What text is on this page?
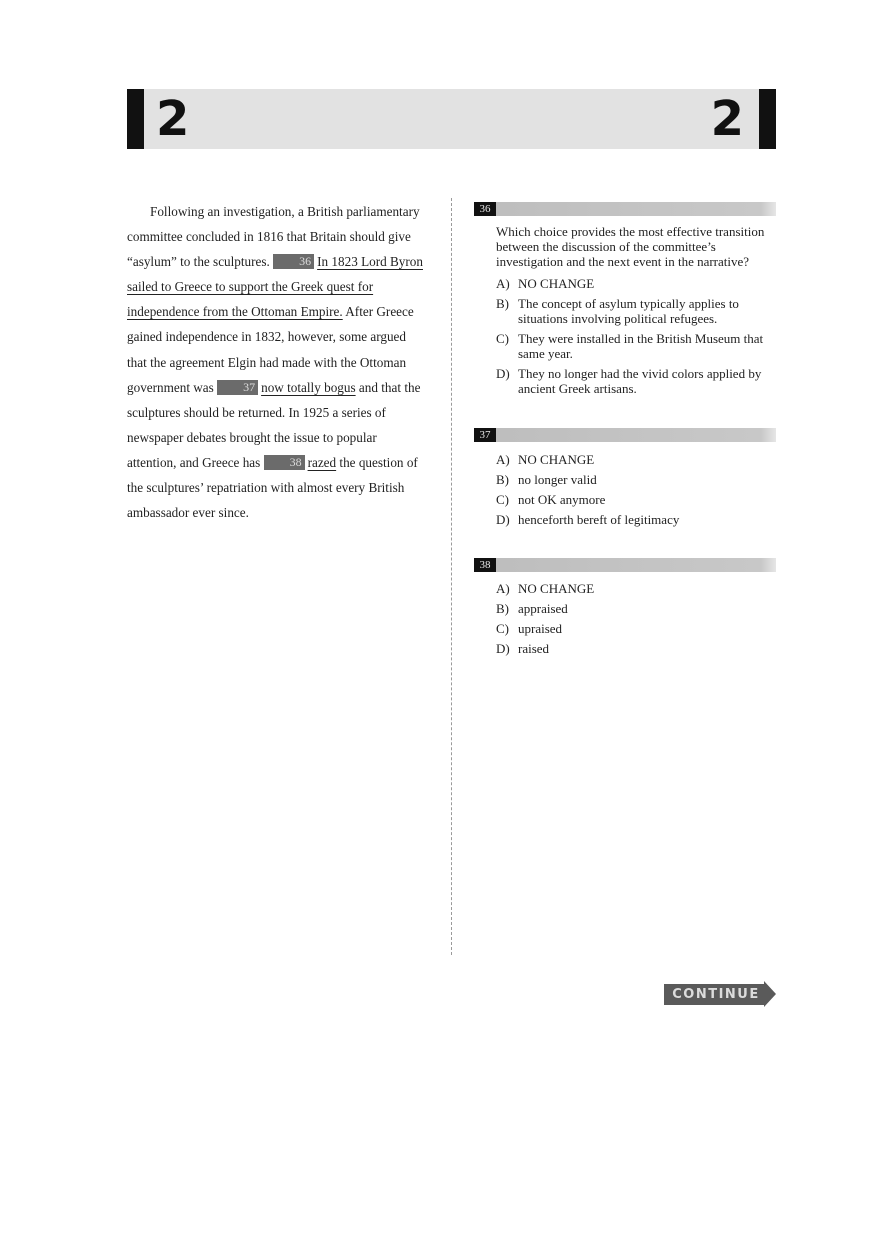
2	2

Following an investigation, a British parliamentary committee concluded in 1816 that Britain should give “asylum” to the sculptures. 36 In 1823 Lord Byron sailed to Greece to support the Greek quest for independence from the Ottoman Empire. After Greece gained independence in 1832, however, some argued that the agreement Elgin had made with the Ottoman government was 37 now totally bogus and that the sculptures should be returned. In 1925 a series of newspaper debates brought the issue to popular attention, and Greece has 38 razed the question of the sculptures’ repatriation with almost every British ambassador ever since.

36
Which choice provides the most effective transition between the discussion of the committee’s investigation and the next event in the narrative?
A) NO CHANGE
B) The concept of asylum typically applies to situations involving political refugees.
C) They were installed in the British Museum that same year.
D) They no longer had the vivid colors applied by ancient Greek artisans.
37
A) NO CHANGE
B) no longer valid
C) not OK anymore
D) henceforth bereft of legitimacy
38
A) NO CHANGE
B) appraised
C) upraised
D) raised
CONTINUE
